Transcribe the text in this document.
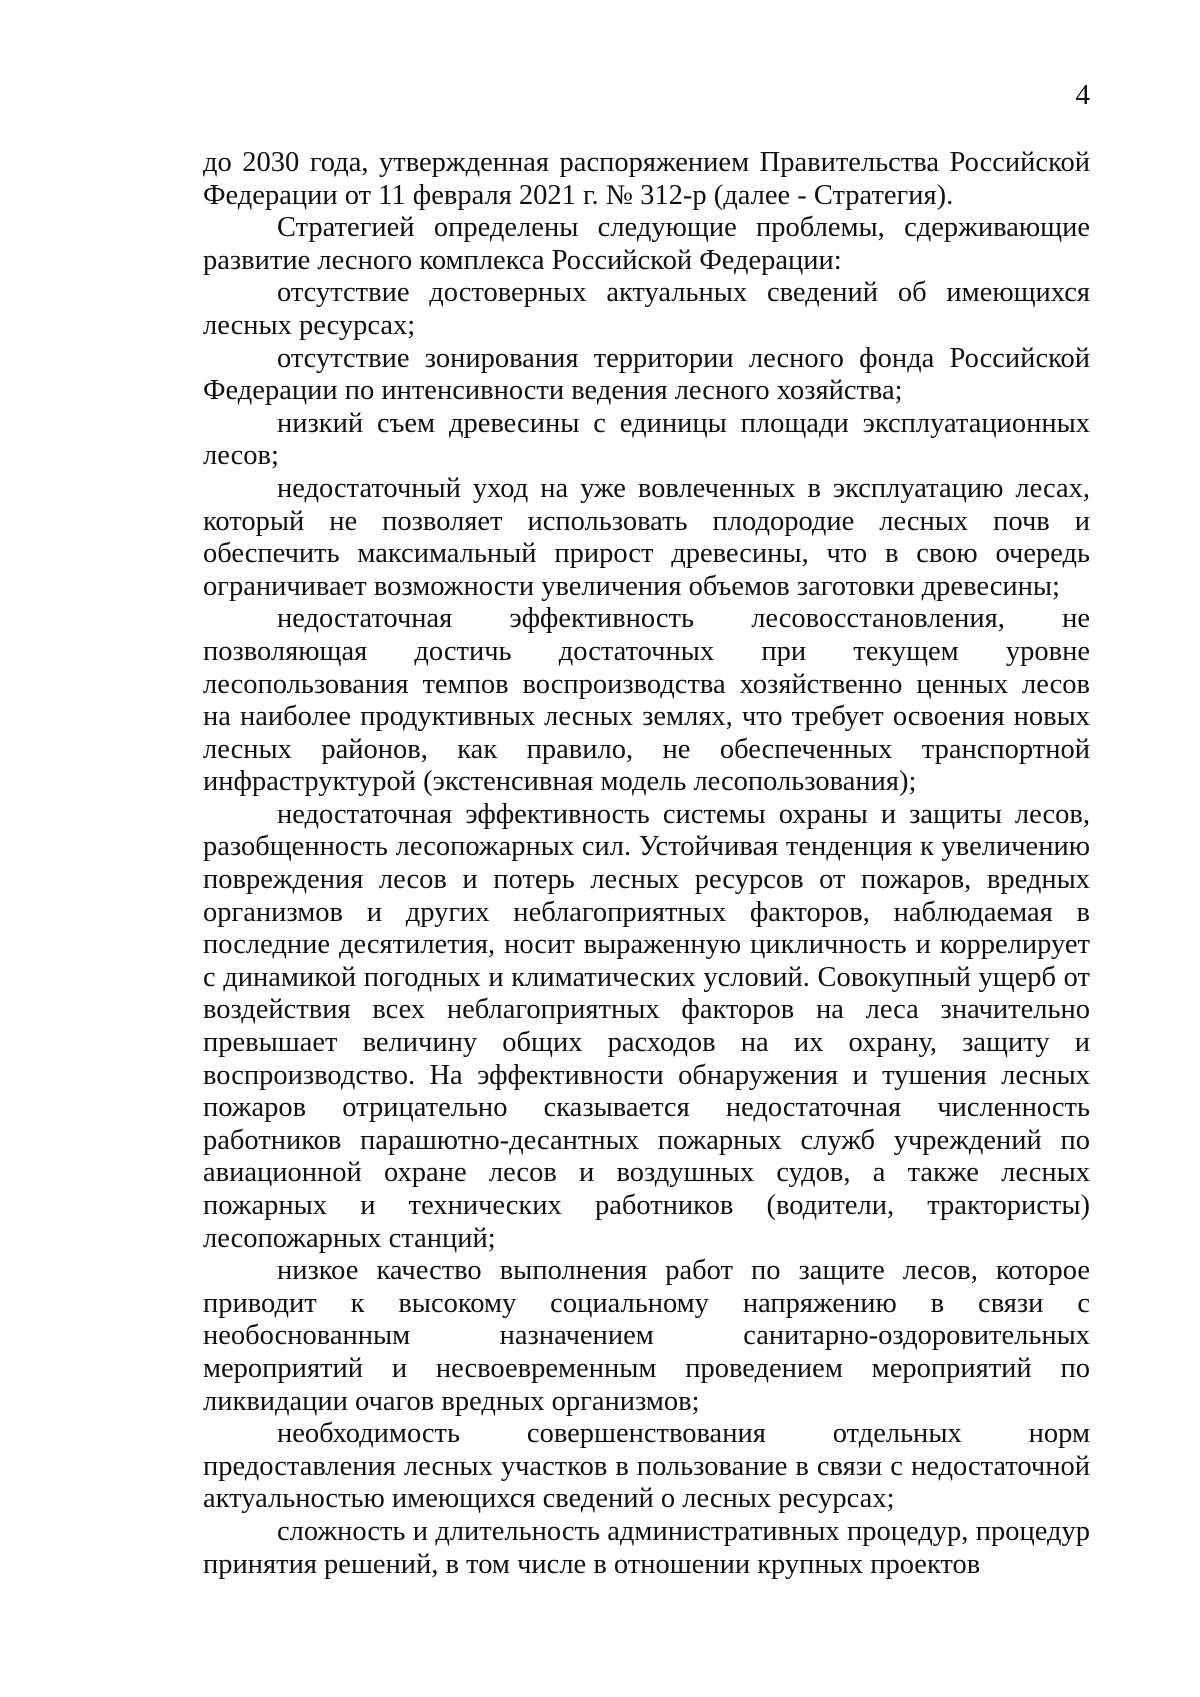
4

до 2030 года, утвержденная распоряжением Правительства Российской Федерации от 11 февраля 2021 г. № 312-р (далее - Стратегия).

Стратегией определены следующие проблемы, сдерживающие развитие лесного комплекса Российской Федерации:

отсутствие достоверных актуальных сведений об имеющихся лесных ресурсах;

отсутствие зонирования территории лесного фонда Российской Федерации по интенсивности ведения лесного хозяйства;

низкий съем древесины с единицы площади эксплуатационных лесов;

недостаточный уход на уже вовлеченных в эксплуатацию лесах, который не позволяет использовать плодородие лесных почв и обеспечить максимальный прирост древесины, что в свою очередь ограничивает возможности увеличения объемов заготовки древесины;

недостаточная эффективность лесовосстановления, не позволяющая достичь достаточных при текущем уровне лесопользования темпов воспроизводства хозяйственно ценных лесов на наиболее продуктивных лесных землях, что требует освоения новых лесных районов, как правило, не обеспеченных транспортной инфраструктурой (экстенсивная модель лесопользования);

недостаточная эффективность системы охраны и защиты лесов, разобщенность лесопожарных сил. Устойчивая тенденция к увеличению повреждения лесов и потерь лесных ресурсов от пожаров, вредных организмов и других неблагоприятных факторов, наблюдаемая в последние десятилетия, носит выраженную цикличность и коррелирует с динамикой погодных и климатических условий. Совокупный ущерб от воздействия всех неблагоприятных факторов на леса значительно превышает величину общих расходов на их охрану, защиту и воспроизводство. На эффективности обнаружения и тушения лесных пожаров отрицательно сказывается недостаточная численность работников парашютно-десантных пожарных служб учреждений по авиационной охране лесов и воздушных судов, а также лесных пожарных и технических работников (водители, трактористы) лесопожарных станций;

низкое качество выполнения работ по защите лесов, которое приводит к высокому социальному напряжению в связи с необоснованным назначением санитарно-оздоровительных мероприятий и несвоевременным проведением мероприятий по ликвидации очагов вредных организмов;

необходимость совершенствования отдельных норм предоставления лесных участков в пользование в связи с недостаточной актуальностью имеющихся сведений о лесных ресурсах;

сложность и длительность административных процедур, процедур принятия решений, в том числе в отношении крупных проектов
